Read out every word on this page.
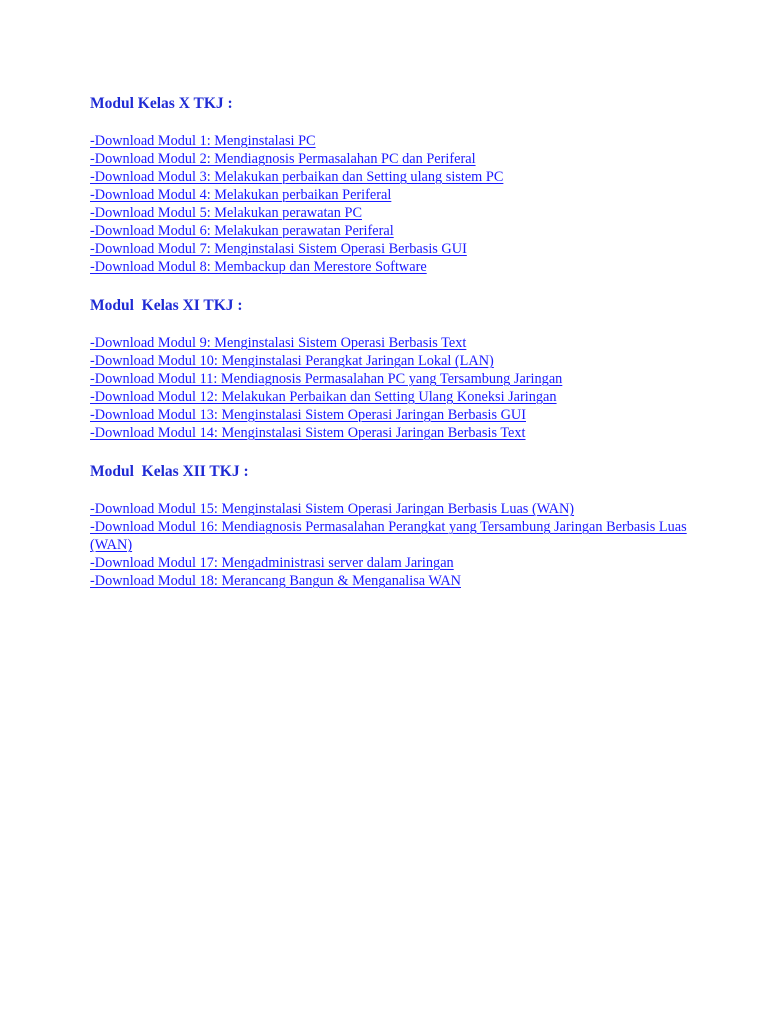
Modul Kelas X TKJ :
-Download Modul 1: Menginstalasi PC
-Download Modul 2: Mendiagnosis Permasalahan PC dan Periferal
-Download Modul 3: Melakukan perbaikan dan Setting ulang sistem PC
-Download Modul 4: Melakukan perbaikan Periferal
-Download Modul 5: Melakukan perawatan PC
-Download Modul 6: Melakukan perawatan Periferal
-Download Modul 7: Menginstalasi Sistem Operasi Berbasis GUI
-Download Modul 8: Membackup dan Merestore Software
Modul  Kelas XI TKJ :
-Download Modul 9: Menginstalasi Sistem Operasi Berbasis Text
-Download Modul 10: Menginstalasi Perangkat Jaringan Lokal (LAN)
-Download Modul 11: Mendiagnosis Permasalahan PC yang Tersambung Jaringan
-Download Modul 12: Melakukan Perbaikan dan Setting Ulang Koneksi Jaringan
-Download Modul 13: Menginstalasi Sistem Operasi Jaringan Berbasis GUI
-Download Modul 14: Menginstalasi Sistem Operasi Jaringan Berbasis Text
Modul  Kelas XII TKJ :
-Download Modul 15: Menginstalasi Sistem Operasi Jaringan Berbasis Luas (WAN)
-Download Modul 16: Mendiagnosis Permasalahan Perangkat yang Tersambung Jaringan Berbasis Luas (WAN)
-Download Modul 17: Mengadministrasi server dalam Jaringan
-Download Modul 18: Merancang Bangun & Menganalisa WAN
